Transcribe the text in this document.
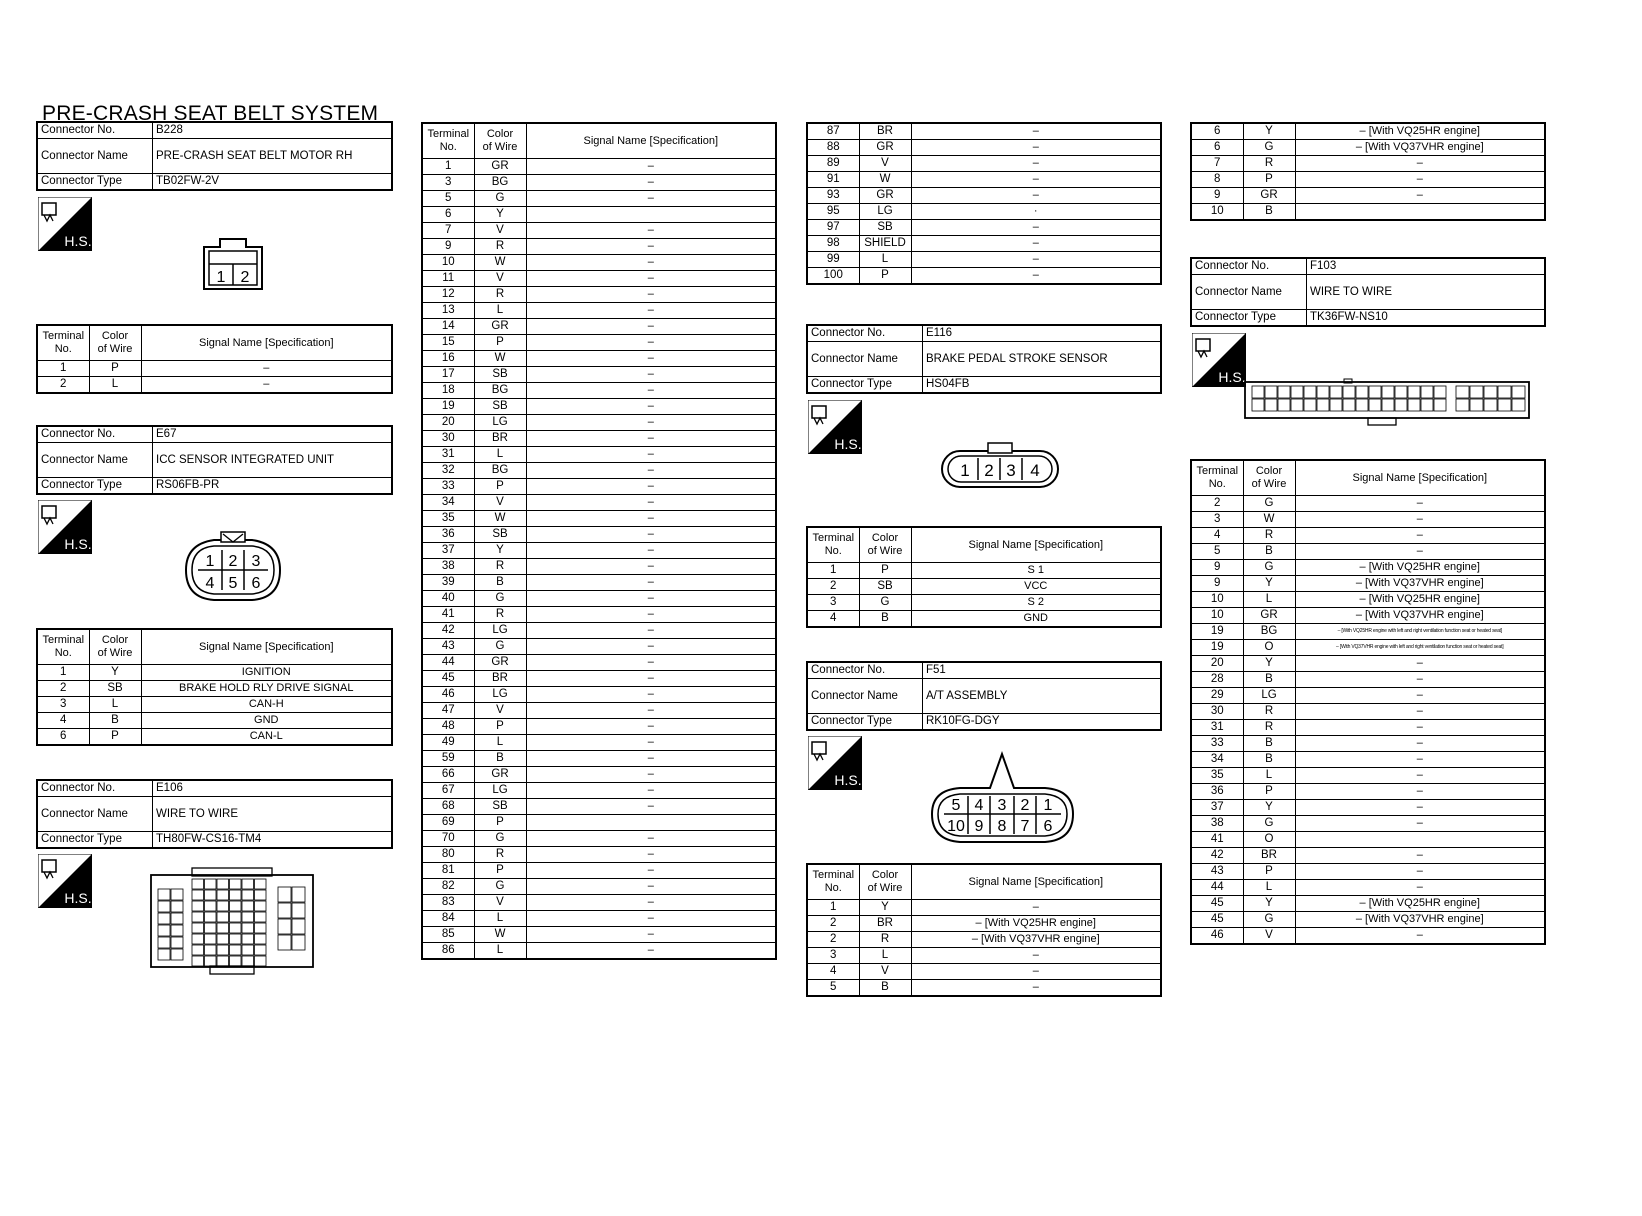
PRE-CRASH SEAT BELT SYSTEM
Connector No.	B228
Connector Name	PRE-CRASH SEAT BELT MOTOR RH
Connector Type	TB02FW-2V
H.S.
1 2
Terminal
No.	Color
of Wire	Signal Name [Specification]
1	P	–
2	L	–
Connector No.	E67
Connector Name	ICC SENSOR INTEGRATED UNIT
Connector Type	RS06FB-PR
H.S.
1 2 3
4 5 6
Terminal
No.	Color
of Wire	Signal Name [Specification]
1	Y	IGNITION
2	SB	BRAKE HOLD RLY DRIVE SIGNAL
3	L	CAN-H
4	B	GND
6	P	CAN-L
Connector No.	E106
Connector Name	WIRE TO WIRE
Connector Type	TH80FW-CS16-TM4
H.S.
Terminal
No.	Color
of Wire	Signal Name [Specification]
1	GR	–
3	BG	–
5	G	–
6	Y	
7	V	–
9	R	–
10	W	–
11	V	–
12	R	–
13	L	–
14	GR	–
15	P	–
16	W	–
17	SB	–
18	BG	–
19	SB	–
20	LG	–
30	BR	–
31	L	–
32	BG	–
33	P	–
34	V	–
35	W	–
36	SB	–
37	Y	–
38	R	–
39	B	–
40	G	–
41	R	–
42	LG	–
43	G	–
44	GR	–
45	BR	–
46	LG	–
47	V	–
48	P	–
49	L	–
59	B	–
66	GR	–
67	LG	–
68	SB	–
69	P	
70	G	–
80	R	–
81	P	–
82	G	–
83	V	–
84	L	–
85	W	–
86	L	–
87	BR	–
88	GR	–
89	V	–
91	W	–
93	GR	–
95	LG	·
97	SB	–
98	SHIELD	–
99	L	–
100	P	–
Connector No.	E116
Connector Name	BRAKE PEDAL STROKE SENSOR
Connector Type	HS04FB
H.S.
1 2 3 4
Terminal
No.	Color
of Wire	Signal Name [Specification]
1	P	S 1
2	SB	VCC
3	G	S 2
4	B	GND
Connector No.	F51
Connector Name	A/T ASSEMBLY
Connector Type	RK10FG-DGY
H.S.
5 4 3 2 1
10 9 8 7 6
Terminal
No.	Color
of Wire	Signal Name [Specification]
1	Y	–
2	BR	– [With VQ25HR engine]
2	R	– [With VQ37VHR engine]
3	L	–
4	V	–
5	B	–
6	Y	– [With VQ25HR engine]
6	G	– [With VQ37VHR engine]
7	R	–
8	P	–
9	GR	–
10	B	
Connector No.	F103
Connector Name	WIRE TO WIRE
Connector Type	TK36FW-NS10
H.S.
Terminal
No.	Color
of Wire	Signal Name [Specification]
2	G	–
3	W	–
4	R	–
5	B	–
9	G	– [With VQ25HR engine]
9	Y	– [With VQ37VHR engine]
10	L	– [With VQ25HR engine]
10	GR	– [With VQ37VHR engine]
19	BG	– [With VQ25HR engine with left and right ventilation function seat or heated seat]
19	O	– [With VQ37VHR engine with left and right ventilation function seat or heated seat]
20	Y	–
28	B	–
29	LG	–
30	R	–
31	R	–
33	B	–
34	B	–
35	L	–
36	P	–
37	Y	–
38	G	–
41	O	
42	BR	–
43	P	–
44	L	–
45	Y	– [With VQ25HR engine]
45	G	– [With VQ37VHR engine]
46	V	–
